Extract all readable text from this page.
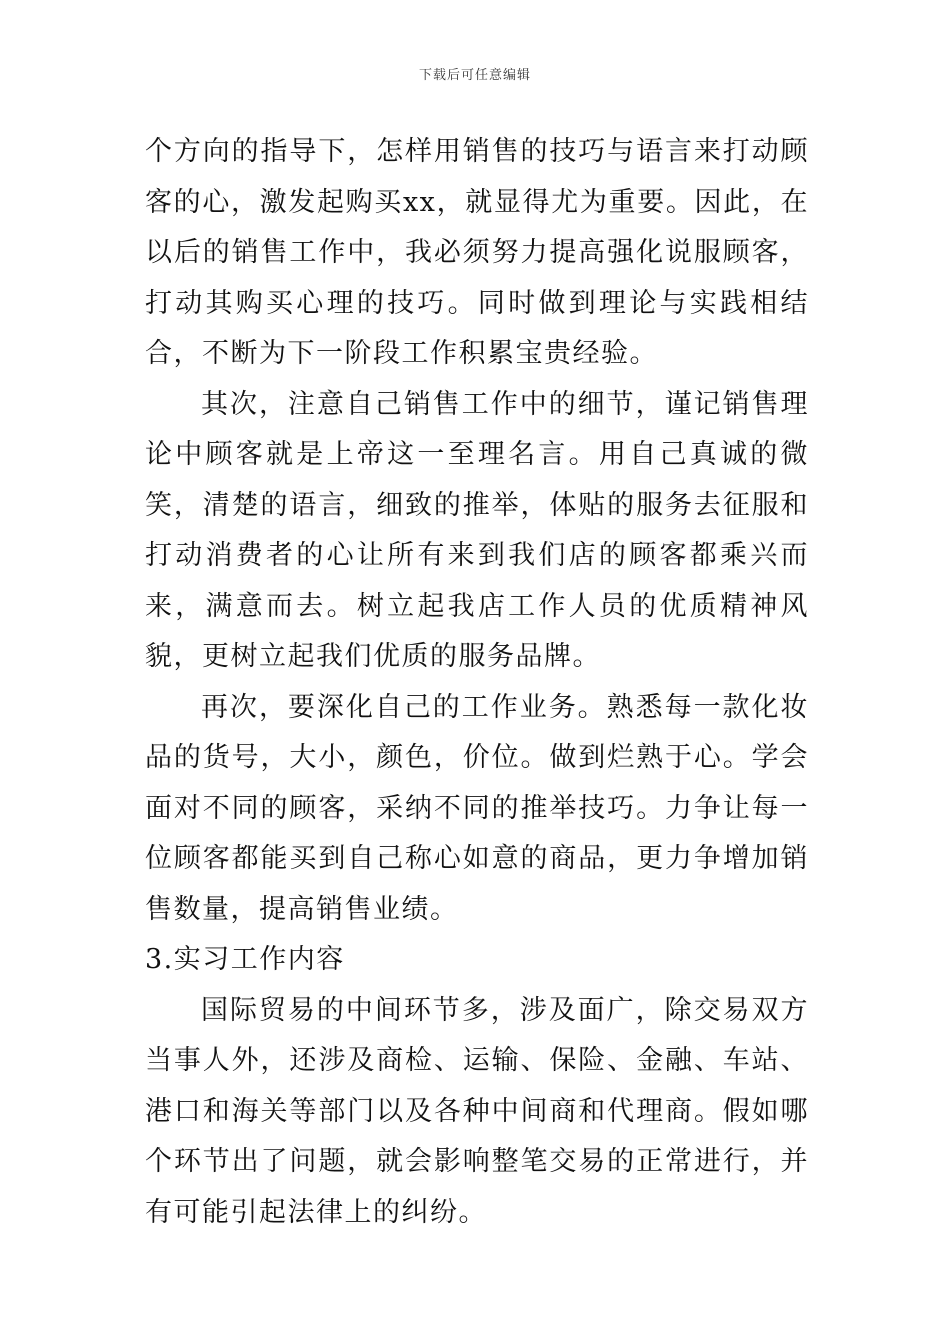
下载后可任意编辑

个方向的指导下，怎样用销售的技巧与语言来打动顾客的心，激发起购买xx，就显得尤为重要。因此，在以后的销售工作中，我必须努力提高强化说服顾客，打动其购买心理的技巧。同时做到理论与实践相结合，不断为下一阶段工作积累宝贵经验。

其次，注意自己销售工作中的细节，谨记销售理论中顾客就是上帝这一至理名言。用自己真诚的微笑，清楚的语言，细致的推举，体贴的服务去征服和打动消费者的心让所有来到我们店的顾客都乘兴而来，满意而去。树立起我店工作人员的优质精神风貌，更树立起我们优质的服务品牌。

再次，要深化自己的工作业务。熟悉每一款化妆品的货号，大小，颜色，价位。做到烂熟于心。学会面对不同的顾客，采纳不同的推举技巧。力争让每一位顾客都能买到自己称心如意的商品，更力争增加销售数量，提高销售业绩。

3.实习工作内容

国际贸易的中间环节多，涉及面广，除交易双方当事人外，还涉及商检、运输、保险、金融、车站、港口和海关等部门以及各种中间商和代理商。假如哪个环节出了问题，就会影响整笔交易的正常进行，并有可能引起法律上的纠纷。
